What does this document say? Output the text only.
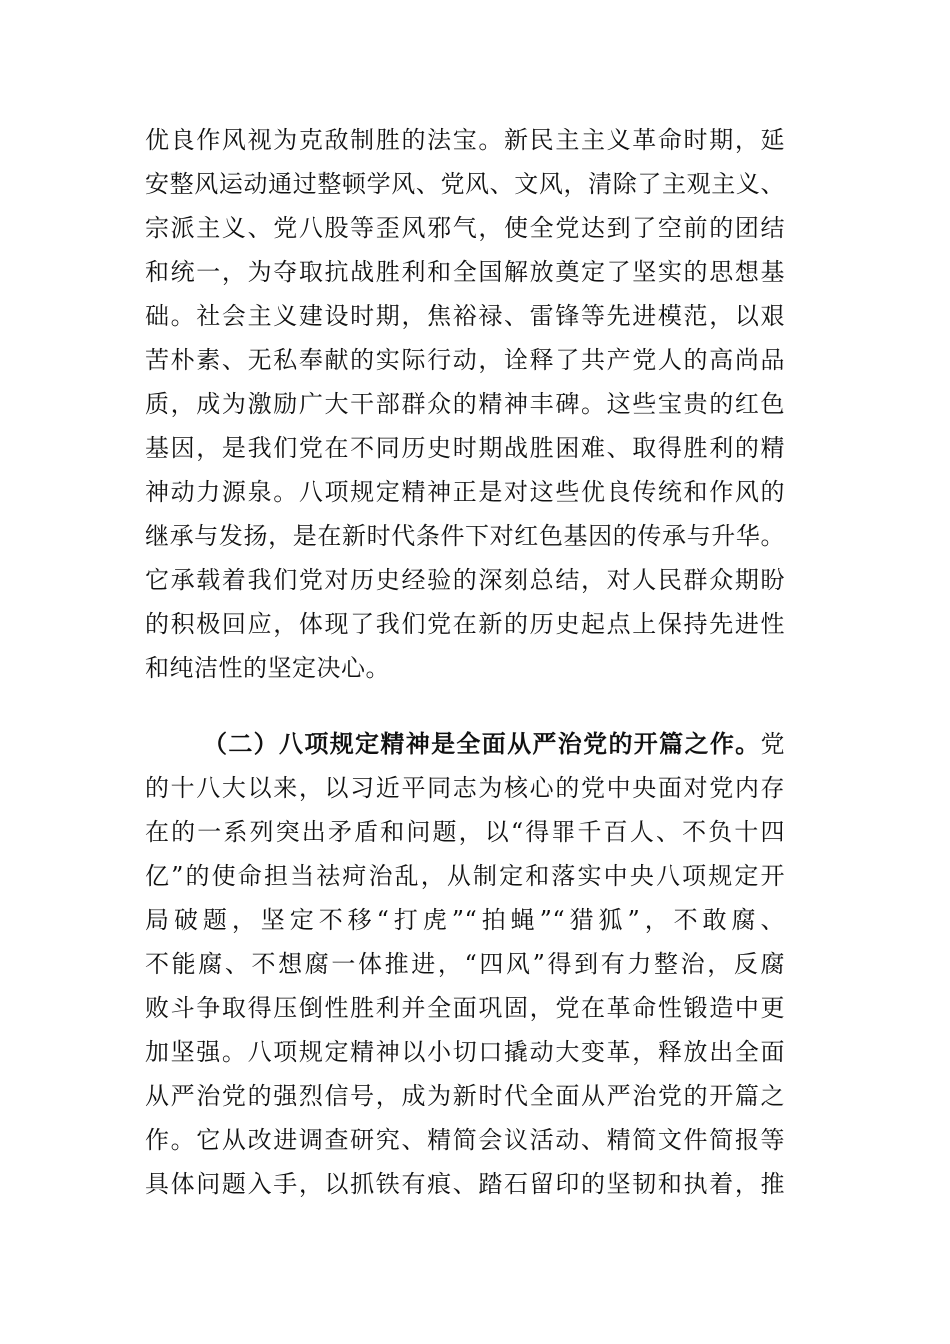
优良作风视为克敌制胜的法宝。新民主主义革命时期，延
安整风运动通过整顿学风、党风、文风，清除了主观主义、
宗派主义、党八股等歪风邪气，使全党达到了空前的团结
和统一，为夺取抗战胜利和全国解放奠定了坚实的思想基
础。社会主义建设时期，焦裕禄、雷锋等先进模范，以艰
苦朴素、无私奉献的实际行动，诠释了共产党人的高尚品
质，成为激励广大干部群众的精神丰碑。这些宝贵的红色
基因，是我们党在不同历史时期战胜困难、取得胜利的精
神动力源泉。八项规定精神正是对这些优良传统和作风的
继承与发扬，是在新时代条件下对红色基因的传承与升华。
它承载着我们党对历史经验的深刻总结，对人民群众期盼
的积极回应，体现了我们党在新的历史起点上保持先进性
和纯洁性的坚定决心。
（二）八项规定精神是全面从严治党的开篇之作。党
的十八大以来，以习近平同志为核心的党中央面对党内存
在的一系列突出矛盾和问题，以“得罪千百人、不负十四
亿”的使命担当祛疴治乱，从制定和落实中央八项规定开
局破题，坚定不移“打虎”“拍蝇”“猎狐”，不敢腐、
不能腐、不想腐一体推进，“四风”得到有力整治，反腐
败斗争取得压倒性胜利并全面巩固，党在革命性锻造中更
加坚强。八项规定精神以小切口撬动大变革，释放出全面
从严治党的强烈信号，成为新时代全面从严治党的开篇之
作。它从改进调查研究、精简会议活动、精简文件简报等
具体问题入手，以抓铁有痕、踏石留印的坚韧和执着，推
